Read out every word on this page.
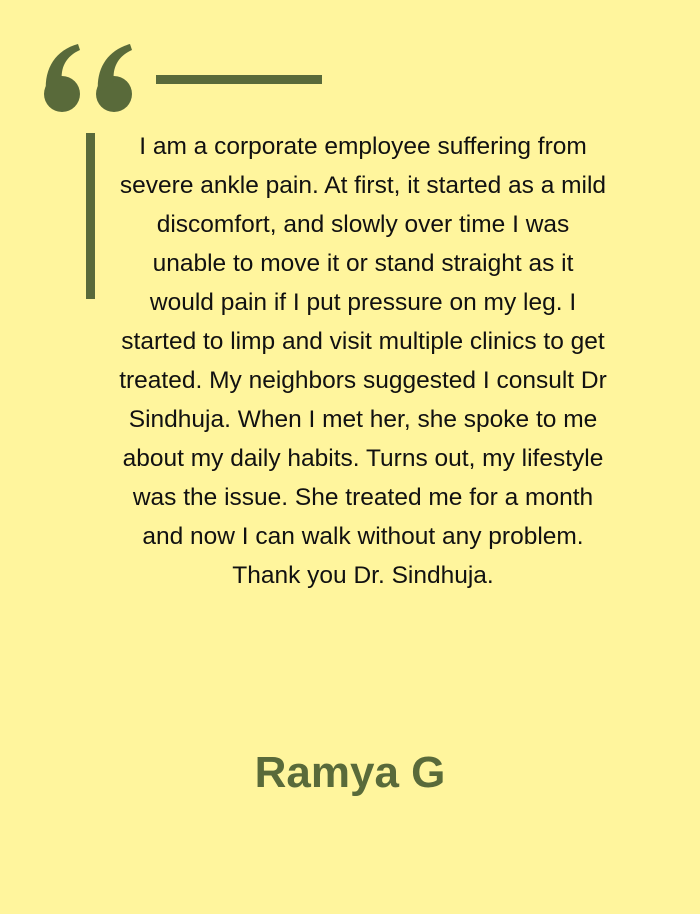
I am a corporate employee suffering from severe ankle pain. At first, it started as a mild discomfort, and slowly over time I was unable to move it or stand straight as it would pain if I put pressure on my leg. I started to limp and visit multiple clinics to get treated. My neighbors suggested I consult Dr Sindhuja. When I met her, she spoke to me about my daily habits. Turns out, my lifestyle was the issue. She treated me for a month and now I can walk without any problem. Thank you Dr. Sindhuja.

Ramya G
